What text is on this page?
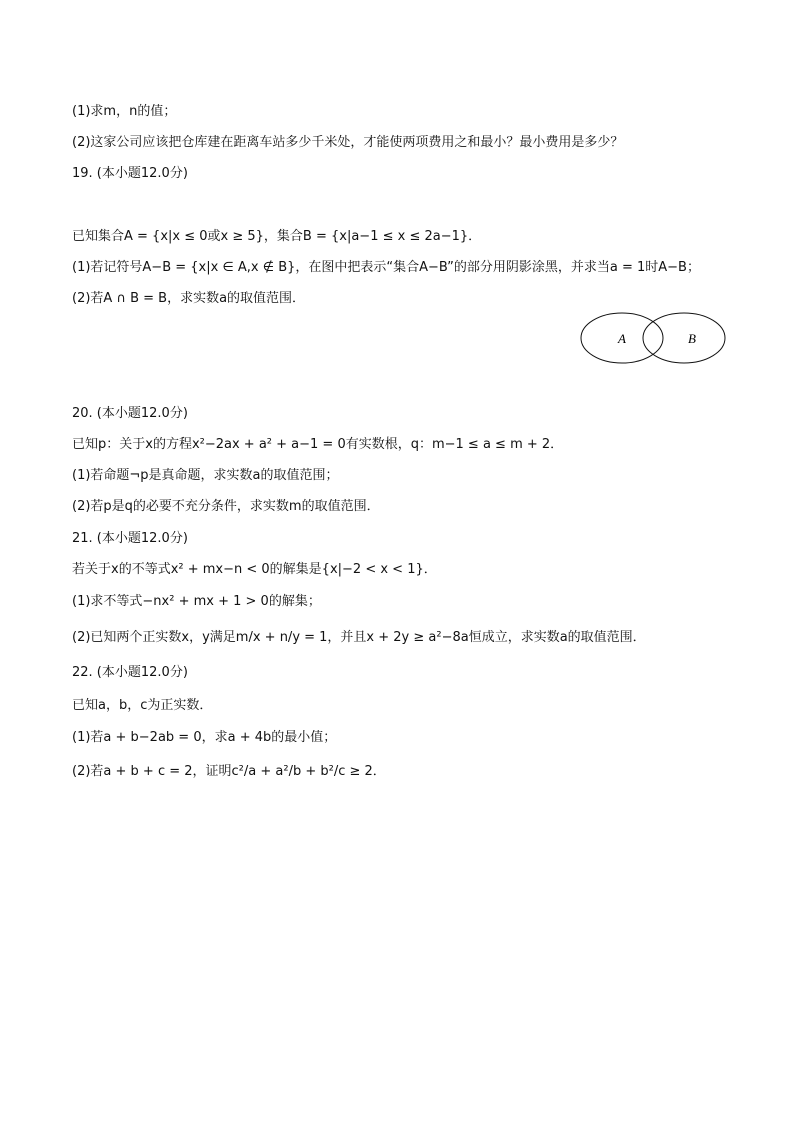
(1)求m，n的值；
(2)这家公司应该把仓库建在距离车站多少千米处，才能使两项费用之和最小？最小费用是多少？
19. (本小题12.0分)
已知集合A = {x|x ≤ 0或x ≥ 5}，集合B = {x|a−1 ≤ x ≤ 2a−1}．
(1)若记符号A−B = {x|x ∈ A,x ∉ B}，在图中把表示“集合A−B”的部分用阴影涂黑，并求当a = 1时A−B；
(2)若A ∩ B = B，求实数a的取值范围．
A	B
20. (本小题12.0分)
已知p：关于x的方程x²−2ax + a² + a−1 = 0有实数根，q：m−1 ≤ a ≤ m + 2．
(1)若命题¬p是真命题，求实数a的取值范围；
(2)若p是q的必要不充分条件，求实数m的取值范围．
21. (本小题12.0分)
若关于x的不等式x² + mx−n < 0的解集是{x|−2 < x < 1}．
(1)求不等式−nx² + mx + 1 > 0的解集；
(2)已知两个正实数x，y满足m/x + n/y = 1，并且x + 2y ≥ a²−8a恒成立，求实数a的取值范围．
22. (本小题12.0分)
已知a，b，c为正实数．
(1)若a + b−2ab = 0，求a + 4b的最小值；
(2)若a + b + c = 2，证明c²/a + a²/b + b²/c ≥ 2．
